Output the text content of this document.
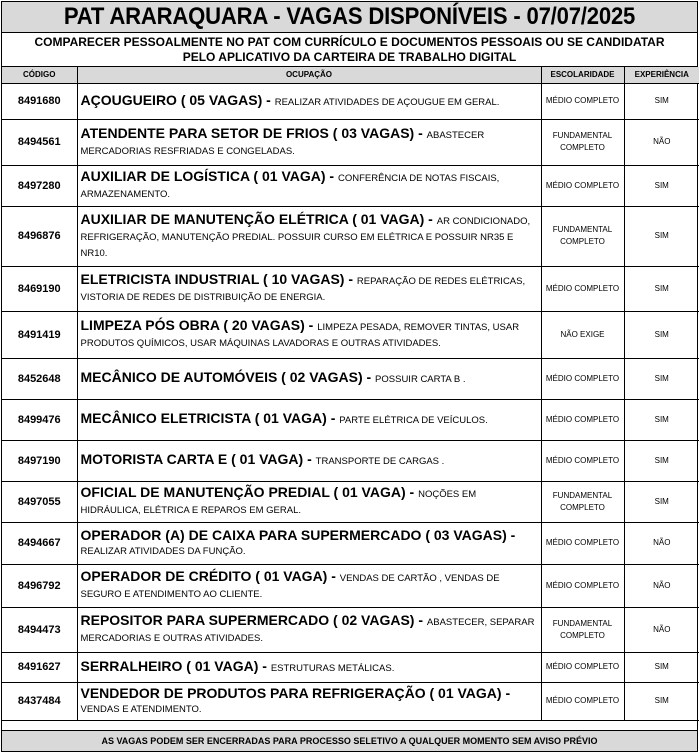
PAT ARARAQUARA - VAGAS DISPONÍVEIS - 07/07/2025
COMPARECER PESSOALMENTE NO PAT COM CURRÍCULO E DOCUMENTOS PESSOAIS OU SE CANDIDATAR
PELO APLICATIVO DA CARTEIRA DE TRABALHO DIGITAL
CÓDIGO	OCUPAÇÃO	ESCOLARIDADE	EXPERIÊNCIA
8491680	AÇOUGUEIRO ( 05 VAGAS) - REALIZAR ATIVIDADES DE AÇOUGUE EM GERAL.	MÉDIO COMPLETO	SIM
8494561	ATENDENTE PARA SETOR DE FRIOS ( 03 VAGAS) - ABASTECER MERCADORIAS RESFRIADAS E CONGELADAS.	FUNDAMENTAL COMPLETO	NÃO
8497280	AUXILIAR DE LOGÍSTICA ( 01 VAGA) - CONFERÊNCIA DE NOTAS FISCAIS, ARMAZENAMENTO.	MÉDIO COMPLETO	SIM
8496876	AUXILIAR DE MANUTENÇÃO ELÉTRICA ( 01 VAGA) - AR CONDICIONADO, REFRIGERAÇÃO, MANUTENÇÃO PREDIAL. POSSUIR CURSO EM ELÉTRICA E POSSUIR NR35 E NR10.	FUNDAMENTAL COMPLETO	SIM
8469190	ELETRICISTA INDUSTRIAL ( 10 VAGAS) - REPARAÇÃO DE REDES ELÉTRICAS, VISTORIA DE REDES DE DISTRIBUIÇÃO DE ENERGIA.	MÉDIO COMPLETO	SIM
8491419	LIMPEZA PÓS OBRA ( 20 VAGAS) - LIMPEZA PESADA, REMOVER TINTAS, USAR PRODUTOS QUÍMICOS, USAR MÁQUINAS LAVADORAS E OUTRAS ATIVIDADES.	NÃO EXIGE	SIM
8452648	MECÂNICO DE AUTOMÓVEIS ( 02 VAGAS) - POSSUIR CARTA B .	MÉDIO COMPLETO	SIM
8499476	MECÂNICO ELETRICISTA ( 01 VAGA) - PARTE ELÉTRICA DE VEÍCULOS.	MÉDIO COMPLETO	SIM
8497190	MOTORISTA CARTA E ( 01 VAGA) - TRANSPORTE DE CARGAS .	MÉDIO COMPLETO	SIM
8497055	OFICIAL DE MANUTENÇÃO PREDIAL ( 01 VAGA) - NOÇÕES EM HIDRÁULICA, ELÉTRICA E REPAROS EM GERAL.	FUNDAMENTAL COMPLETO	SIM
8494667	OPERADOR (A) DE CAIXA PARA SUPERMERCADO ( 03 VAGAS) - REALIZAR ATIVIDADES DA FUNÇÃO.	MÉDIO COMPLETO	NÃO
8496792	OPERADOR DE CRÉDITO ( 01 VAGA) - VENDAS DE CARTÃO , VENDAS DE SEGURO E ATENDIMENTO AO CLIENTE.	MÉDIO COMPLETO	NÃO
8494473	REPOSITOR PARA SUPERMERCADO ( 02 VAGAS) - ABASTECER, SEPARAR MERCADORIAS E OUTRAS ATIVIDADES.	FUNDAMENTAL COMPLETO	NÃO
8491627	SERRALHEIRO ( 01 VAGA) - ESTRUTURAS METÁLICAS.	MÉDIO COMPLETO	SIM
8437484	VENDEDOR DE PRODUTOS PARA REFRIGERAÇÃO ( 01 VAGA) - VENDAS E ATENDIMENTO.	MÉDIO COMPLETO	SIM
AS VAGAS PODEM SER ENCERRADAS PARA PROCESSO SELETIVO A QUALQUER MOMENTO SEM AVISO PRÉVIO
